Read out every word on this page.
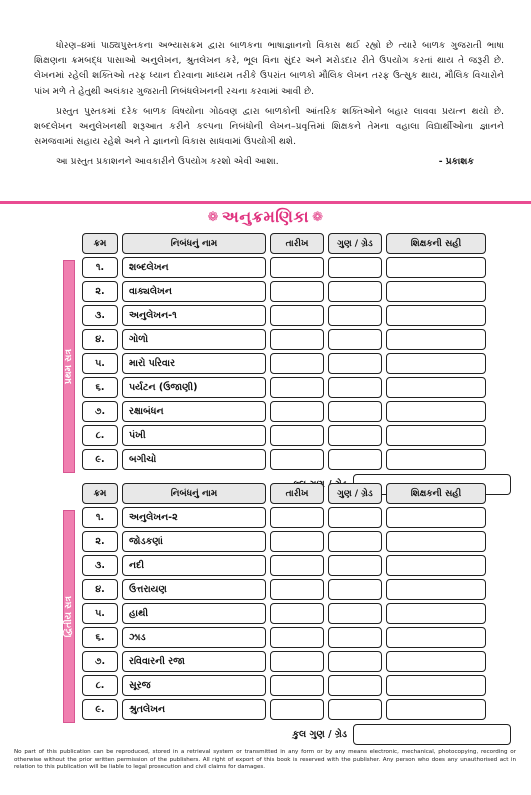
ધોરણ–૪માં પાઠ્યપુસ્તકના અભ્યાસક્રમ દ્વારા બાળકના ભાષાજ્ઞાનનો વિકાસ થઈ રહ્યો છે ત્યારે બાળક ગુજરાતી ભાષા શિક્ષણના ક્રમબદ્ધ પાસાઓ અનુલેખન, શ્રુતલેખન કરે, ભૂલ વિના સુંદર અને મરોડદાર રીતે ઉપયોગ કરતાં થાય તે જરૂરી છે. લેખનમાં રહેલી શક્તિઓ તરફ ધ્યાન દોરવાના માધ્યમ તરીકે ઉપરાંત બાળકો મૌલિક લેખન તરફ ઉત્સુક થાય, મૌલિક વિચારોને પાંખ મળે તે હેતુથી અલંકાર ગુજરાતી નિબંધલેખનની રચના કરવામાં આવી છે.

પ્રસ્તુત પુસ્તકમાં દરેક બાળક વિષયોના ગોઠવણ દ્વારા બાળકોની આંતરિક શક્તિઓને બહાર લાવવા પ્રયત્ન થયો છે. શબ્દલેખન અનુલેખનથી શરૂઆત કરીને કલ્પના નિબંધોની લેખન–પ્રવૃત્તિમાં શિક્ષકને તેમના વહાલા વિદ્યાર્થીઓના જ્ઞાનને સમજવામાં સહાય રહેશે અને તે જ્ઞાનનો વિકાસ સાધવામાં ઉપયોગી થશે.

આ પ્રસ્તુત પ્રકાશનને આવકારીને ઉપયોગ કરશો એવી આશા.	- પ્રકાશક

❁ અનુક્રમણિકા ❁
ક્રમ	નિબંધનું નામ	તારીખ	ગુણ / ગ્રેડ	શિક્ષકની સહી
પ્રથમ સત્ર
૧.	શબ્દલેખન
૨.	વાક્યલેખન
૩.	અનુલેખન-૧
૪.	ગોળો
૫.	મારો પરિવાર
૬.	પર્યટન (ઉજાણી)
૭.	રક્ષાબંધન
૮.	પંખી
૯.	બગીચો
ક્રમ	નિબંધનું નામ	તારીખ	ગુણ / ગ્રેડ	શિક્ષકની સહી
દ્વિતીય સત્ર
૧.	અનુલેખન-૨
૨.	જોડકણાં
૩.	નદી
૪.	ઉત્તરાયણ
૫.	હાથી
૬.	ઝાડ
૭.	રવિવારની રજા
૮.	સૂરજ
૯.	શ્રુતલેખન
કુલ ગુણ / ગ્રેડ
No part of this publication can be reproduced, stored in a retrieval system or transmitted in any form or by any means electronic, mechanical, photocopying, recording or otherwise without the prior written permission of the publishers. All right of export of this book is reserved with the publisher. Any person who does any unauthorised act in relation to this publication will be liable to legal prosecution and civil claims for damages.
